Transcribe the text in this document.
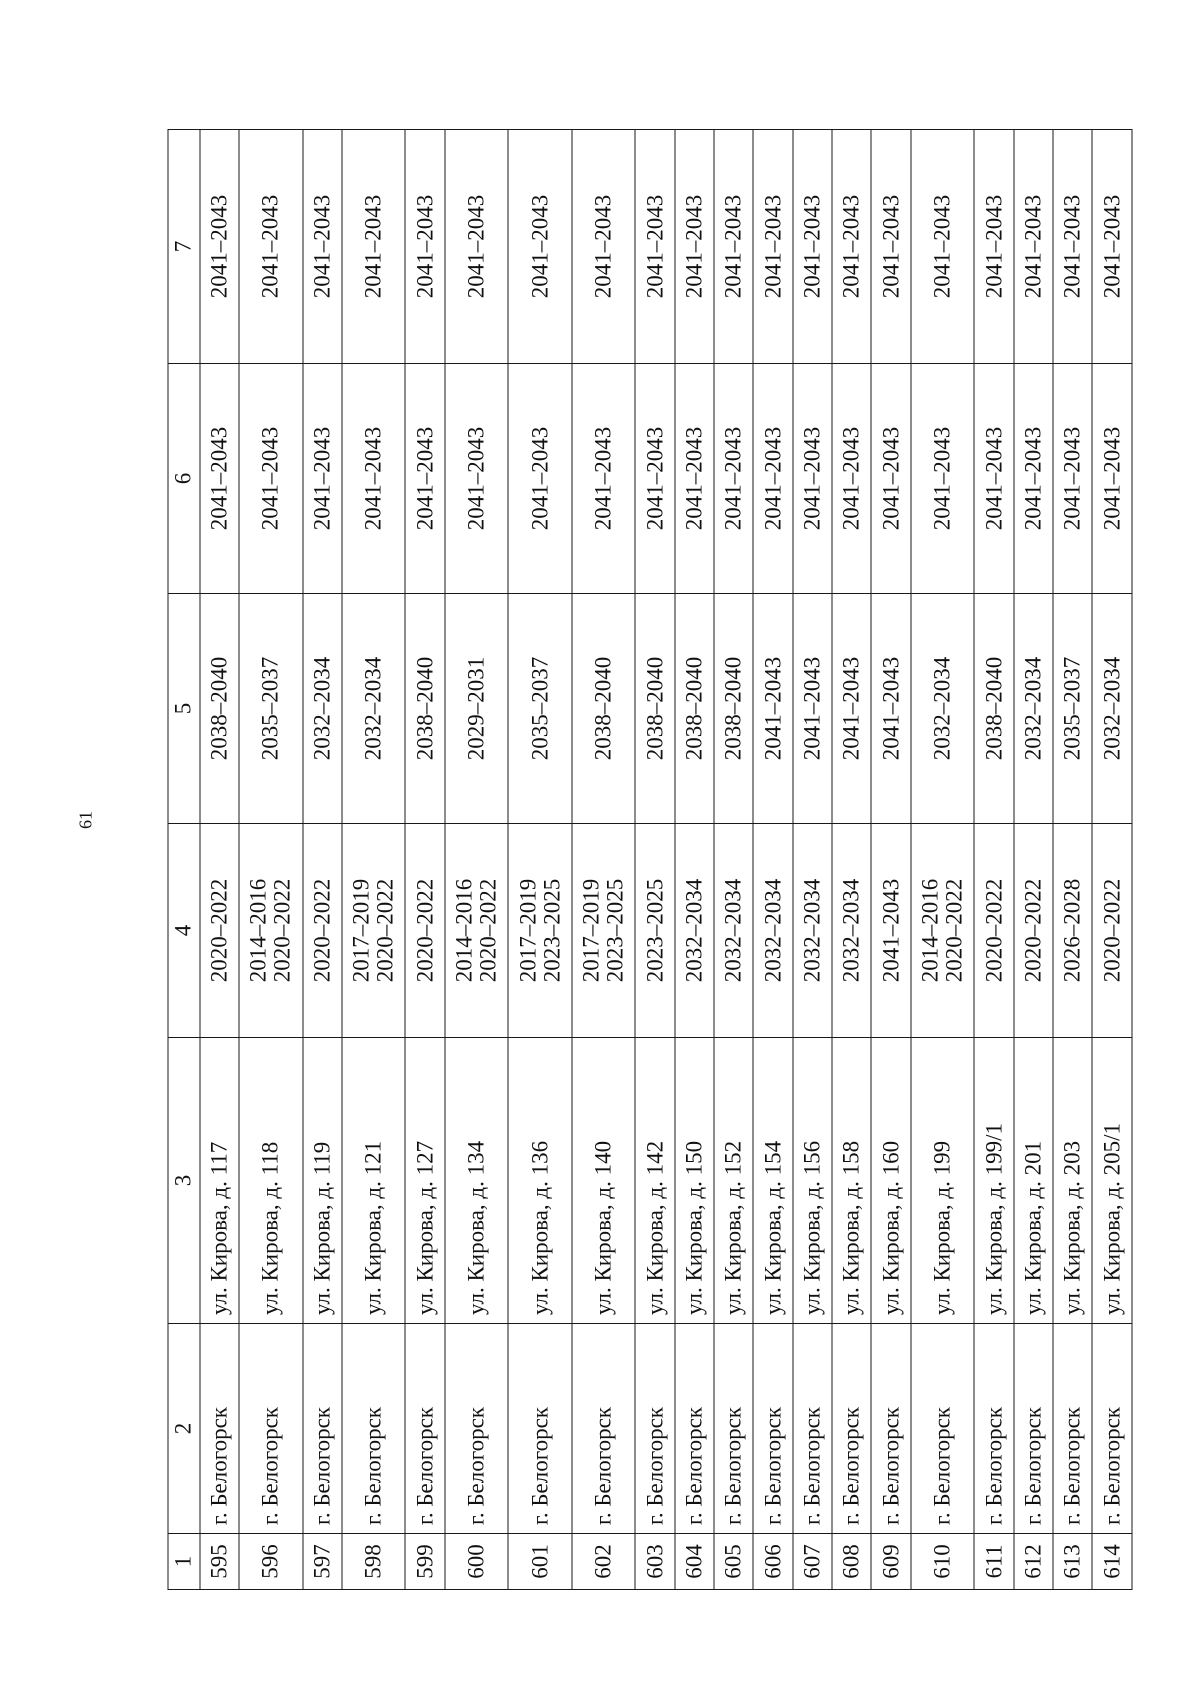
61
1	2	3	4	5	6	7
595	г. Белогорск	ул. Кирова, д. 117	2020–2022	2038–2040	2041–2043	2041–2043
596	г. Белогорск	ул. Кирова, д. 118	2014–2016 2020–2022	2035–2037	2041–2043	2041–2043
597	г. Белогорск	ул. Кирова, д. 119	2020–2022	2032–2034	2041–2043	2041–2043
598	г. Белогорск	ул. Кирова, д. 121	2017–2019 2020–2022	2032–2034	2041–2043	2041–2043
599	г. Белогорск	ул. Кирова, д. 127	2020–2022	2038–2040	2041–2043	2041–2043
600	г. Белогорск	ул. Кирова, д. 134	2014–2016 2020–2022	2029–2031	2041–2043	2041–2043
601	г. Белогорск	ул. Кирова, д. 136	2017–2019 2023–2025	2035–2037	2041–2043	2041–2043
602	г. Белогорск	ул. Кирова, д. 140	2017–2019 2023–2025	2038–2040	2041–2043	2041–2043
603	г. Белогорск	ул. Кирова, д. 142	2023–2025	2038–2040	2041–2043	2041–2043
604	г. Белогорск	ул. Кирова, д. 150	2032–2034	2038–2040	2041–2043	2041–2043
605	г. Белогорск	ул. Кирова, д. 152	2032–2034	2038–2040	2041–2043	2041–2043
606	г. Белогорск	ул. Кирова, д. 154	2032–2034	2041–2043	2041–2043	2041–2043
607	г. Белогорск	ул. Кирова, д. 156	2032–2034	2041–2043	2041–2043	2041–2043
608	г. Белогорск	ул. Кирова, д. 158	2032–2034	2041–2043	2041–2043	2041–2043
609	г. Белогорск	ул. Кирова, д. 160	2041–2043	2041–2043	2041–2043	2041–2043
610	г. Белогорск	ул. Кирова, д. 199	2014–2016 2020–2022	2032–2034	2041–2043	2041–2043
611	г. Белогорск	ул. Кирова, д. 199/1	2020–2022	2038–2040	2041–2043	2041–2043
612	г. Белогорск	ул. Кирова, д. 201	2020–2022	2032–2034	2041–2043	2041–2043
613	г. Белогорск	ул. Кирова, д. 203	2026–2028	2035–2037	2041–2043	2041–2043
614	г. Белогорск	ул. Кирова, д. 205/1	2020–2022	2032–2034	2041–2043	2041–2043
